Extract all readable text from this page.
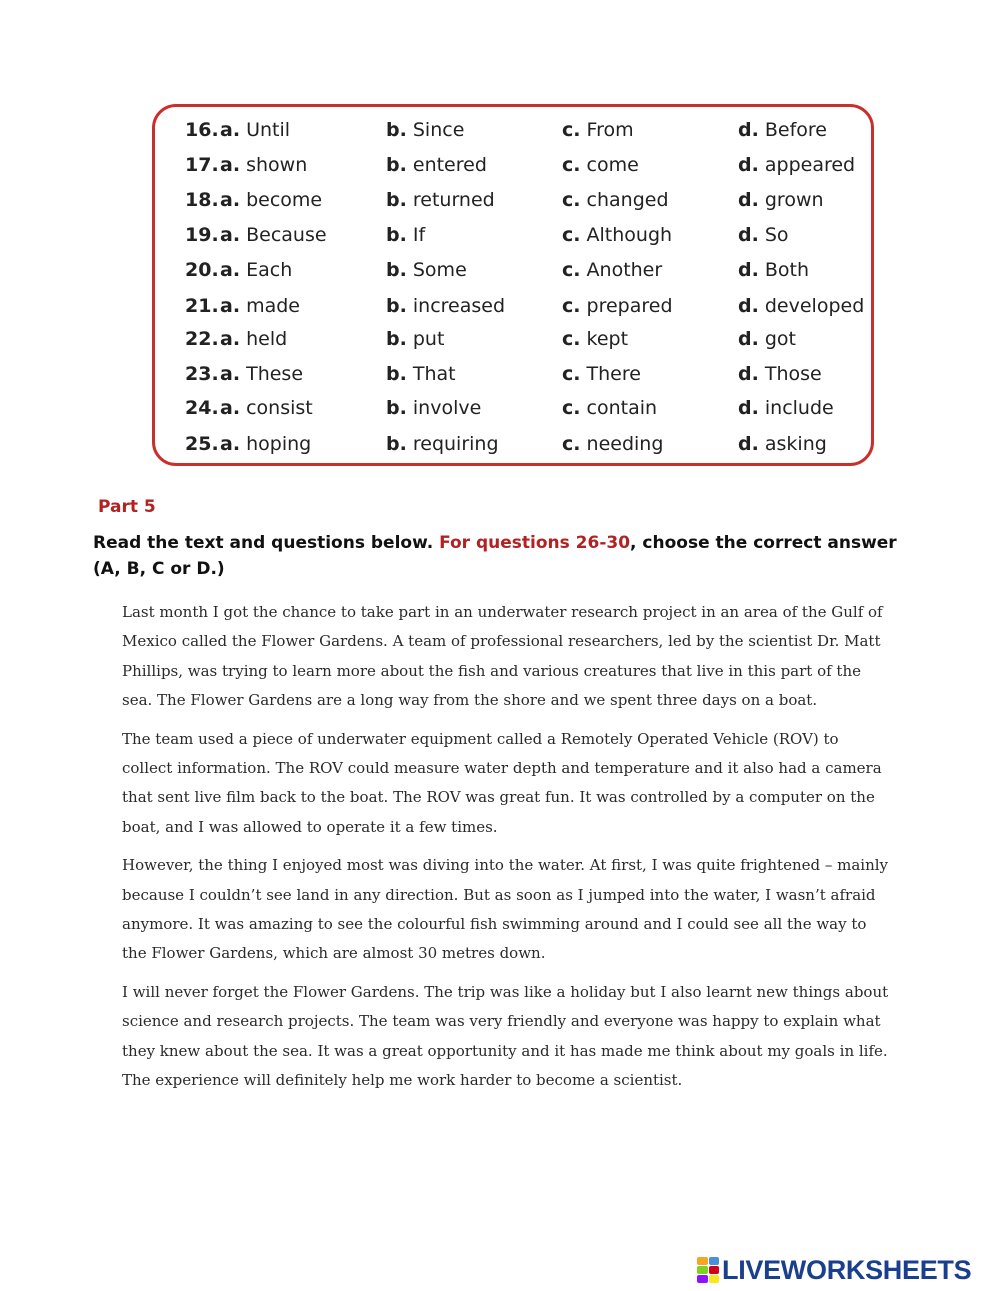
16. a. Until	b. Since	c. From	d. Before
17. a. shown	b. entered	c. come	d. appeared
18. a. become	b. returned	c. changed	d. grown
19. a. Because	b. If	c. Although	d. So
20. a. Each	b. Some	c. Another	d. Both
21. a. made	b. increased	c. prepared	d. developed
22. a. held	b. put	c. kept	d. got
23. a. These	b. That	c. There	d. Those
24. a. consist	b. involve	c. contain	d. include
25. a. hoping	b. requiring	c. needing	d. asking
Part 5
Read the text and questions below. For questions 26-30, choose the correct answer (A, B, C or D.)

Last month I got the chance to take part in an underwater research project in an area of the Gulf of Mexico called the Flower Gardens. A team of professional researchers, led by the scientist Dr. Matt Phillips, was trying to learn more about the fish and various creatures that live in this part of the sea. The Flower Gardens are a long way from the shore and we spent three days on a boat.

The team used a piece of underwater equipment called a Remotely Operated Vehicle (ROV) to collect information. The ROV could measure water depth and temperature and it also had a camera that sent live film back to the boat. The ROV was great fun. It was controlled by a computer on the boat, and I was allowed to operate it a few times.

However, the thing I enjoyed most was diving into the water. At first, I was quite frightened – mainly because I couldn’t see land in any direction. But as soon as I jumped into the water, I wasn’t afraid anymore. It was amazing to see the colourful fish swimming around and I could see all the way to the Flower Gardens, which are almost 30 metres down.

I will never forget the Flower Gardens. The trip was like a holiday but I also learnt new things about science and research projects. The team was very friendly and everyone was happy to explain what they knew about the sea. It was a great opportunity and it has made me think about my goals in life. The experience will definitely help me work harder to become a scientist.

LIVEWORKSHEETS
